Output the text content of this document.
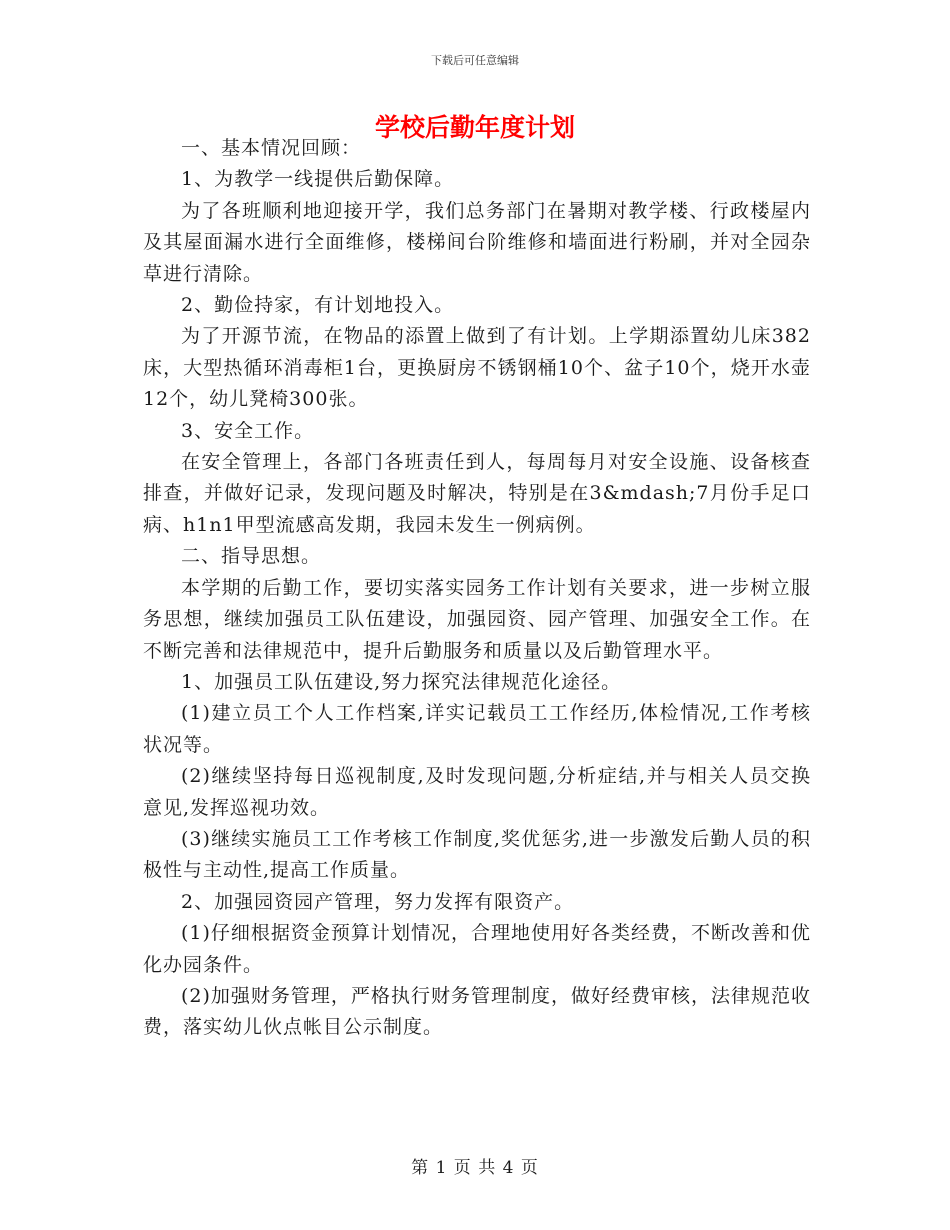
下载后可任意编辑
学校后勤年度计划

一、基本情况回顾：

1、为教学一线提供后勤保障。

为了各班顺利地迎接开学，我们总务部门在暑期对教学楼、行政楼屋内及其屋面漏水进行全面维修，楼梯间台阶维修和墙面进行粉刷，并对全园杂草进行清除。

2、勤俭持家，有计划地投入。

为了开源节流，在物品的添置上做到了有计划。上学期添置幼儿床382床，大型热循环消毒柜1台，更换厨房不锈钢桶10个、盆子10个，烧开水壶12个，幼儿凳椅300张。

3、安全工作。

在安全管理上，各部门各班责任到人，每周每月对安全设施、设备核查排查，并做好记录，发现问题及时解决，特别是在3&mdash;7月份手足口病、h1n1甲型流感高发期，我园未发生一例病例。

二、指导思想。

本学期的后勤工作，要切实落实园务工作计划有关要求，进一步树立服务思想，继续加强员工队伍建设，加强园资、园产管理、加强安全工作。在不断完善和法律规范中，提升后勤服务和质量以及后勤管理水平。

1、加强员工队伍建设,努力探究法律规范化途径。

(1)建立员工个人工作档案,详实记载员工工作经历,体检情况,工作考核状况等。

(2)继续坚持每日巡视制度,及时发现问题,分析症结,并与相关人员交换意见,发挥巡视功效。

(3)继续实施员工工作考核工作制度,奖优惩劣,进一步激发后勤人员的积极性与主动性,提高工作质量。

2、加强园资园产管理，努力发挥有限资产。

(1)仔细根据资金预算计划情况，合理地使用好各类经费，不断改善和优化办园条件。

(2)加强财务管理，严格执行财务管理制度，做好经费审核，法律规范收费，落实幼儿伙点帐目公示制度。

第 1 页 共 4 页
